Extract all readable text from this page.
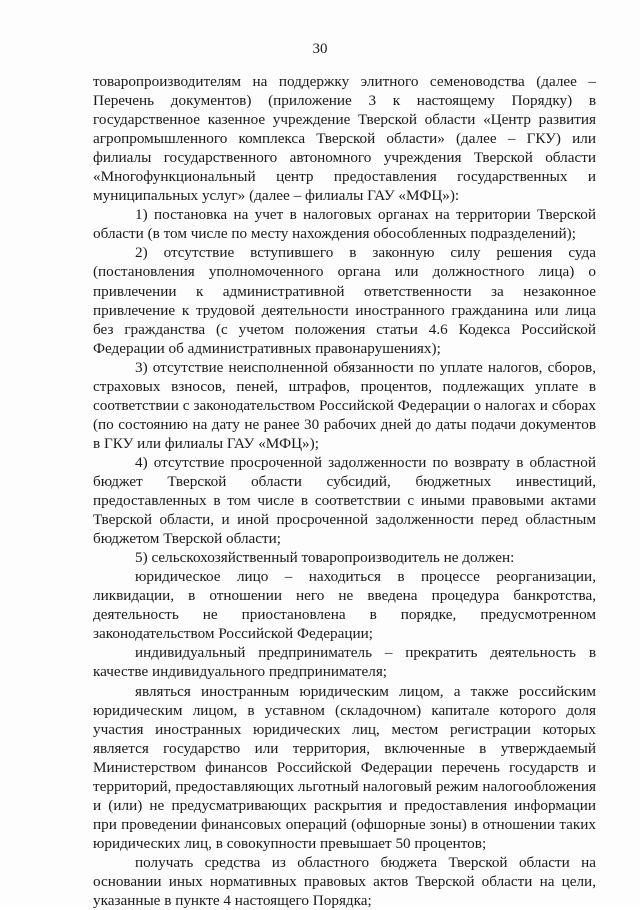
30

товаропроизводителям на поддержку элитного семеноводства (далее – Перечень документов) (приложение 3 к настоящему Порядку) в государственное казенное учреждение Тверской области «Центр развития агропромышленного комплекса Тверской области» (далее – ГКУ) или филиалы государственного автономного учреждения Тверской области «Многофункциональный центр предоставления государственных и муниципальных услуг» (далее – филиалы ГАУ «МФЦ»):

1) постановка на учет в налоговых органах на территории Тверской области (в том числе по месту нахождения обособленных подразделений);

2) отсутствие вступившего в законную силу решения суда (постановления уполномоченного органа или должностного лица) о привлечении к административной ответственности за незаконное привлечение к трудовой деятельности иностранного гражданина или лица без гражданства (с учетом положения статьи 4.6 Кодекса Российской Федерации об административных правонарушениях);

3) отсутствие неисполненной обязанности по уплате налогов, сборов, страховых взносов, пеней, штрафов, процентов, подлежащих уплате в соответствии с законодательством Российской Федерации о налогах и сборах (по состоянию на дату не ранее 30 рабочих дней до даты подачи документов в ГКУ или филиалы ГАУ «МФЦ»);

4) отсутствие просроченной задолженности по возврату в областной бюджет Тверской области субсидий, бюджетных инвестиций, предоставленных в том числе в соответствии с иными правовыми актами Тверской области, и иной просроченной задолженности перед областным бюджетом Тверской области;

5) сельскохозяйственный товаропроизводитель не должен:

юридическое лицо – находиться в процессе реорганизации, ликвидации, в отношении него не введена процедура банкротства, деятельность не приостановлена в порядке, предусмотренном законодательством Российской Федерации;

индивидуальный предприниматель – прекратить деятельность в качестве индивидуального предпринимателя;

являться иностранным юридическим лицом, а также российским юридическим лицом, в уставном (складочном) капитале которого доля участия иностранных юридических лиц, местом регистрации которых является государство или территория, включенные в утверждаемый Министерством финансов Российской Федерации перечень государств и территорий, предоставляющих льготный налоговый режим налогообложения и (или) не предусматривающих раскрытия и предоставления информации при проведении финансовых операций (офшорные зоны) в отношении таких юридических лиц, в совокупности превышает 50 процентов;

получать средства из областного бюджета Тверской области на основании иных нормативных правовых актов Тверской области на цели, указанные в пункте 4 настоящего Порядка;
